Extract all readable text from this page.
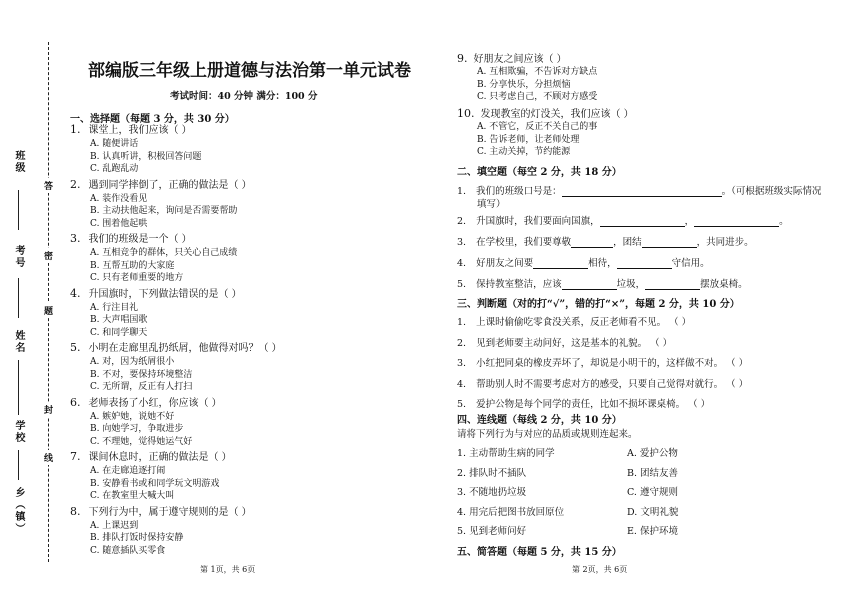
班级
考号
姓名
学校
乡（镇）
答
密
题
封
线
部编版三年级上册道德与法治第一单元试卷
考试时间：40 分钟 满分：100 分
一、选择题（每题 3 分，共 30 分）
1. 课堂上，我们应该（ ）
A. 随便讲话
B. 认真听讲，积极回答问题
C. 乱跑乱动
2. 遇到同学摔倒了，正确的做法是（ ）
A. 装作没看见
B. 主动扶他起来，询问是否需要帮助
C. 围着他起哄
3. 我们的班级是一个（ ）
A. 互相竞争的群体，只关心自己成绩
B. 互帮互助的大家庭
C. 只有老师重要的地方
4. 升国旗时，下列做法错误的是（ ）
A. 行注目礼
B. 大声唱国歌
C. 和同学聊天
5. 小明在走廊里乱扔纸屑，他做得对吗？（ ）
A. 对，因为纸屑很小
B. 不对，要保持环境整洁
C. 无所谓，反正有人打扫
6. 老师表扬了小红，你应该（ ）
A. 嫉妒她，说她不好
B. 向她学习，争取进步
C. 不理她，觉得她运气好
7. 课间休息时，正确的做法是（ ）
A. 在走廊追逐打闹
B. 安静看书或和同学玩文明游戏
C. 在教室里大喊大叫
8. 下列行为中，属于遵守规则的是（ ）
A. 上课迟到
B. 排队打饭时保持安静
C. 随意插队买零食
第 1页，共 6页
9. 好朋友之间应该（ ）
A. 互相欺骗，不告诉对方缺点
B. 分享快乐，分担烦恼
C. 只考虑自己，不顾对方感受
10. 发现教室的灯没关，我们应该（ ）
A. 不管它，反正不关自己的事
B. 告诉老师，让老师处理
C. 主动关掉，节约能源
二、填空题（每空 2 分，共 18 分）
1. 我们的班级口号是：	。（可根据班级实际情况
填写）
2. 升国旗时，我们要面向国旗，	，	。
3. 在学校里，我们要尊敬	，团结	，共同进步。
4. 好朋友之间要	相待，	守信用。
5. 保持教室整洁，应该	垃圾，	摆放桌椅。
三、判断题（对的打“√”，错的打“×”，每题 2 分，共 10 分）
1. 上课时偷偷吃零食没关系，反正老师看不见。 （ ）
2. 见到老师要主动问好，这是基本的礼貌。 （ ）
3. 小红把同桌的橡皮弄坏了，却说是小明干的，这样做不对。 （ ）
4. 帮助别人时不需要考虑对方的感受，只要自己觉得对就行。 （ ）
5. 爱护公物是每个同学的责任，比如不损坏课桌椅。 （ ）
四、连线题（每线 2 分，共 10 分）
请将下列行为与对应的品质或规则连起来。
1. 主动帮助生病的同学	A. 爱护公物
2. 排队时不插队	B. 团结友善
3. 不随地扔垃圾	C. 遵守规则
4. 用完后把图书放回原位	D. 文明礼貌
5. 见到老师问好	E. 保护环境
五、简答题（每题 5 分，共 15 分）
第 2页，共 6页
